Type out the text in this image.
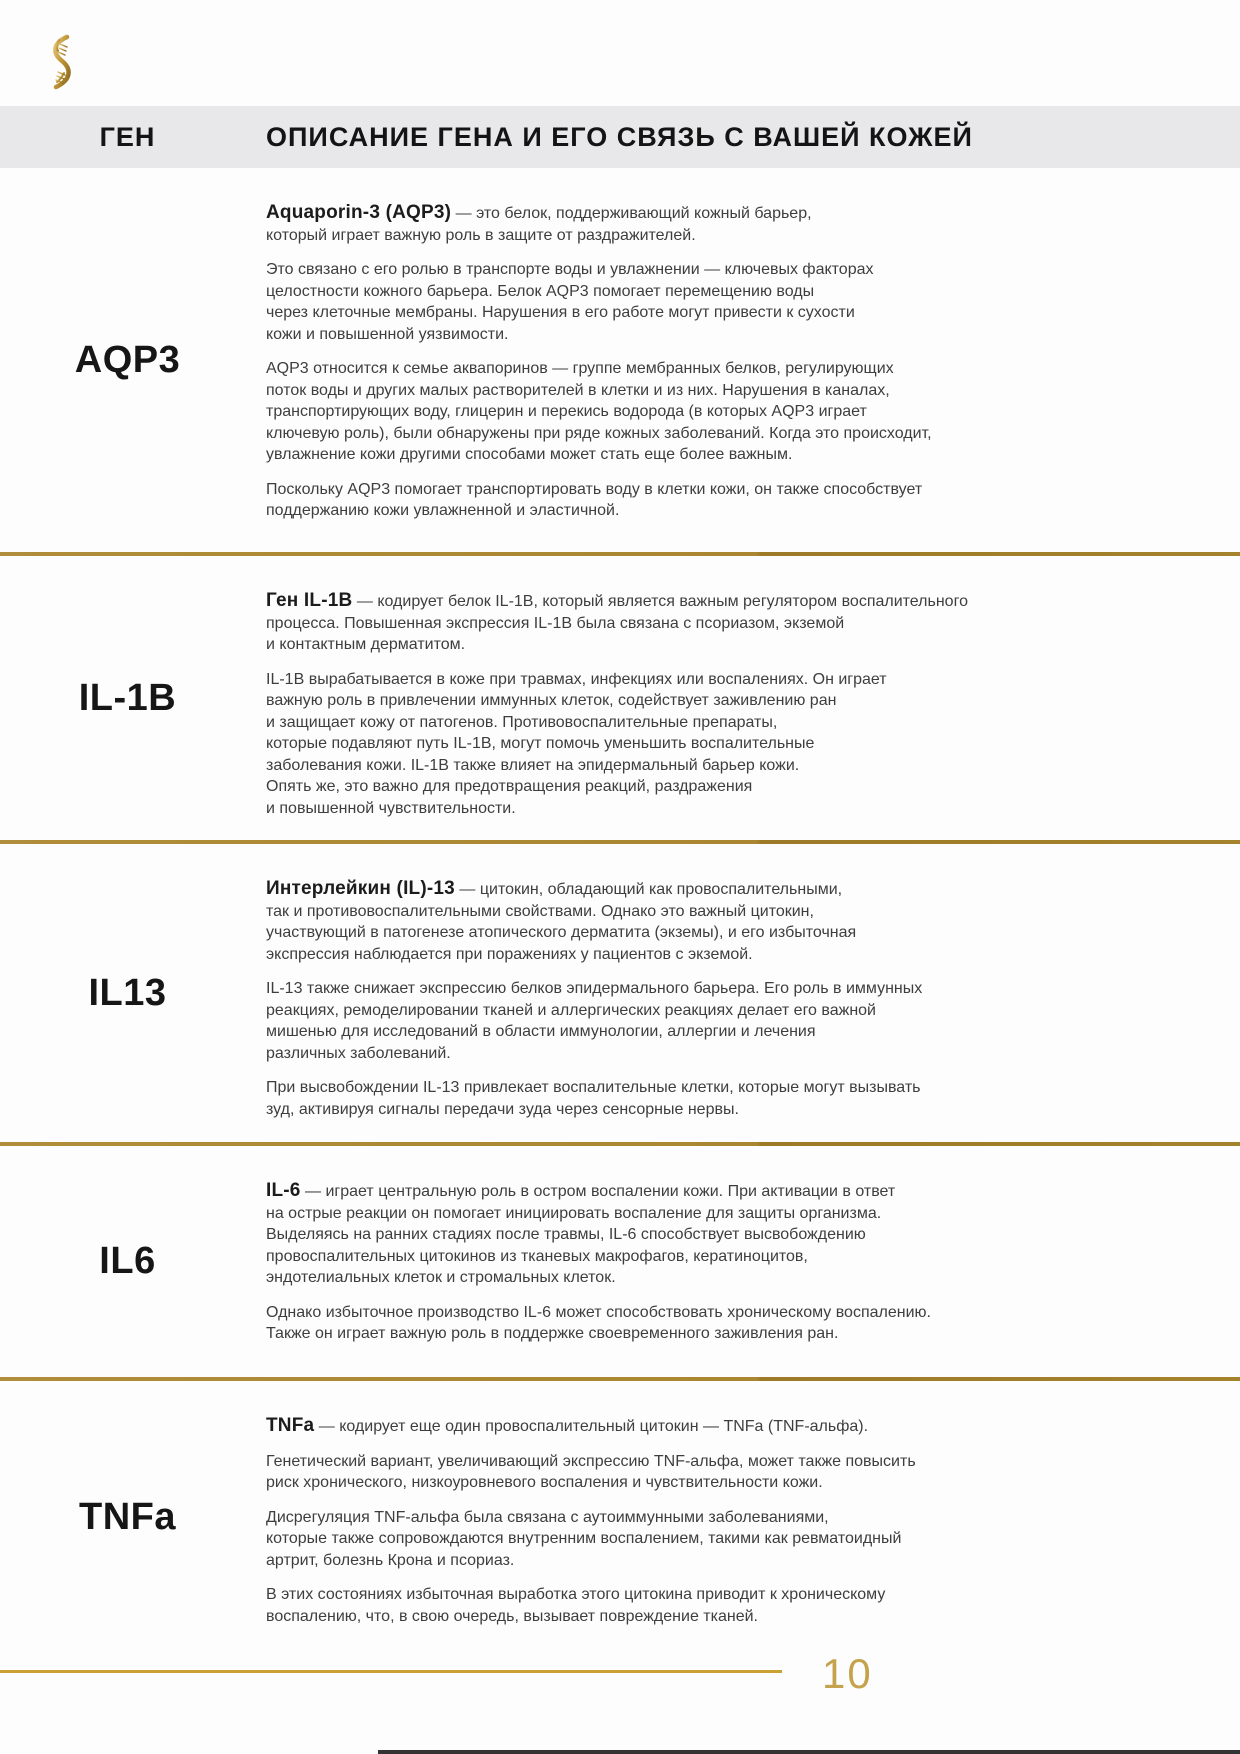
ГЕН	ОПИСАНИЕ ГЕНА И ЕГО СВЯЗЬ С ВАШЕЙ КОЖЕЙ
AQP3

Aquaporin-3 (AQP3) — это белок, поддерживающий кожный барьер,
который играет важную роль в защите от раздражителей.

Это связано с его ролью в транспорте воды и увлажнении — ключевых факторах
целостности кожного барьера. Белок AQP3 помогает перемещению воды
через клеточные мембраны. Нарушения в его работе могут привести к сухости
кожи и повышенной уязвимости.

AQP3 относится к семье аквапоринов — группе мембранных белков, регулирующих
поток воды и других малых растворителей в клетки и из них. Нарушения в каналах,
транспортирующих воду, глицерин и перекись водорода (в которых AQP3 играет
ключевую роль), были обнаружены при ряде кожных заболеваний. Когда это происходит,
увлажнение кожи другими способами может стать еще более важным.

Поскольку AQP3 помогает транспортировать воду в клетки кожи, он также способствует
поддержанию кожи увлажненной и эластичной.

IL-1B

Ген IL-1B — кодирует белок IL-1B, который является важным регулятором воспалительного
процесса. Повышенная экспрессия IL-1B была связана с псориазом, экземой
и контактным дерматитом.

IL-1B вырабатывается в коже при травмах, инфекциях или воспалениях. Он играет
важную роль в привлечении иммунных клеток, содействует заживлению ран
и защищает кожу от патогенов. Противовоспалительные препараты,
которые подавляют путь IL-1B, могут помочь уменьшить воспалительные
заболевания кожи. IL-1B также влияет на эпидермальный барьер кожи.
Опять же, это важно для предотвращения реакций, раздражения
и повышенной чувствительности.

IL13

Интерлейкин (IL)-13 — цитокин, обладающий как провоспалительными,
так и противовоспалительными свойствами. Однако это важный цитокин,
участвующий в патогенезе атопического дерматита (экземы), и его избыточная
экспрессия наблюдается при поражениях у пациентов с экземой.

IL-13 также снижает экспрессию белков эпидермального барьера. Его роль в иммунных
реакциях, ремоделировании тканей и аллергических реакциях делает его важной
мишенью для исследований в области иммунологии, аллергии и лечения
различных заболеваний.

При высвобождении IL-13 привлекает воспалительные клетки, которые могут вызывать
зуд, активируя сигналы передачи зуда через сенсорные нервы.

IL6

IL-6 — играет центральную роль в остром воспалении кожи. При активации в ответ
на острые реакции он помогает инициировать воспаление для защиты организма.
Выделяясь на ранних стадиях после травмы, IL-6 способствует высвобождению
провоспалительных цитокинов из тканевых макрофагов, кератиноцитов,
эндотелиальных клеток и стромальных клеток.

Однако избыточное производство IL-6 может способствовать хроническому воспалению.
Также он играет важную роль в поддержке своевременного заживления ран.

TNFa

TNFa — кодирует еще один провоспалительный цитокин — TNFa (TNF-альфа).

Генетический вариант, увеличивающий экспрессию TNF-альфа, может также повысить
риск хронического, низкоуровневого воспаления и чувствительности кожи.

Дисрегуляция TNF-альфа была связана с аутоиммунными заболеваниями,
которые также сопровождаются внутренним воспалением, такими как ревматоидный
артрит, болезнь Крона и псориаз.

В этих состояниях избыточная выработка этого цитокина приводит к хроническому
воспалению, что, в свою очередь, вызывает повреждение тканей.

10
